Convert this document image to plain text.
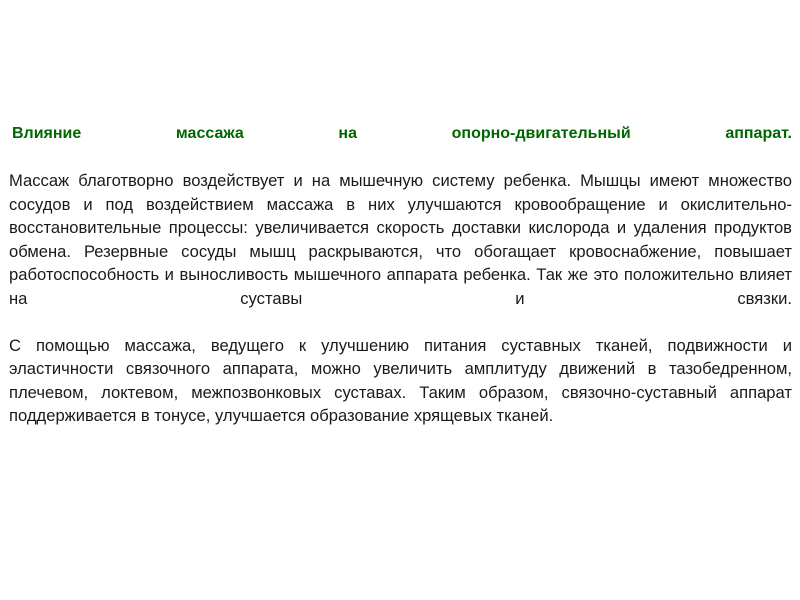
Влияние массажа на опорно-двигательный аппарат.

Массаж благотворно воздействует и на мышечную систему ребенка. Мышцы имеют множество сосудов и под воздействием массажа в них улучшаются кровообращение и окислительно-восстановительные процессы: увеличивается скорость доставки кислорода и удаления продуктов обмена. Резервные сосуды мышц раскрываются, что обогащает кровоснабжение, повышает работоспособность и выносливость мышечного аппарата ребенка. Так же это положительно влияет на суставы и связки.

С помощью массажа, ведущего к улучшению питания суставных тканей, подвижности и эластичности связочного аппарата, можно увеличить амплитуду движений в тазобедренном, плечевом, локтевом, межпозвонковых суставах. Таким образом, связочно-суставный аппарат поддерживается в тонусе, улучшается образование хрящевых тканей.
